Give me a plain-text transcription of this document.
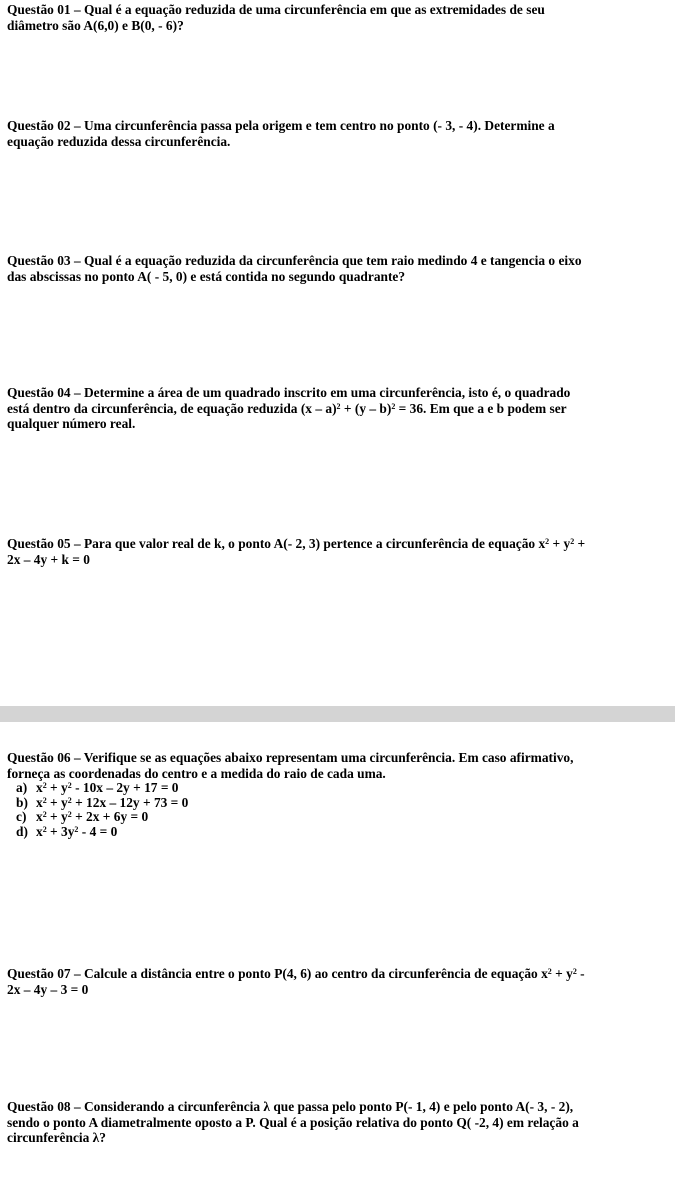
Questão 01 – Qual é a equação reduzida de uma circunferência em que as extremidades de seu

diâmetro são A(6,0) e B(0, - 6)?

Questão 02 – Uma circunferência passa pela origem e tem centro no ponto (- 3, - 4). Determine a

equação reduzida dessa circunferência.

Questão 03 – Qual é a equação reduzida da circunferência que tem raio medindo 4 e tangencia o eixo

das abscissas no ponto A( - 5, 0) e está contida no segundo quadrante?

Questão 04 – Determine a área de um quadrado inscrito em uma circunferência, isto é, o quadrado

está dentro da circunferência, de equação reduzida (x – a)$^2$ + (y – b)$^2$ = 36. Em que a e b podem ser

qualquer número real.

Questão 05 – Para que valor real de k, o ponto A(- 2, 3) pertence a circunferência de equação $x^2 + y^2$ +

2x – 4y + k = 0

Questão 06 – Verifique se as equações abaixo representam uma circunferência. Em caso afirmativo,

forneça as coordenadas do centro e a medida do raio de cada uma.

a) $x^2 + y^2 - 10x - 2y + 17 = 0$
b) $x^2 + y^2 + 12x - 12y + 73 = 0$
c) $x^2 + y^2 + 2x + 6y = 0$
d) $x^2 + 3y^2 - 4 = 0$

Questão 07 – Calcule a distância entre o ponto P(4, 6) ao centro da circunferência de equação $x^2 + y^2$ -

2x – 4y – 3 = 0

Questão 08 – Considerando a circunferência λ que passa pelo ponto P(- 1, 4) e pelo ponto A(- 3, - 2),

sendo o ponto A diametralmente oposto a P. Qual é a posição relativa do ponto Q( -2, 4) em relação a

circunferência λ?
